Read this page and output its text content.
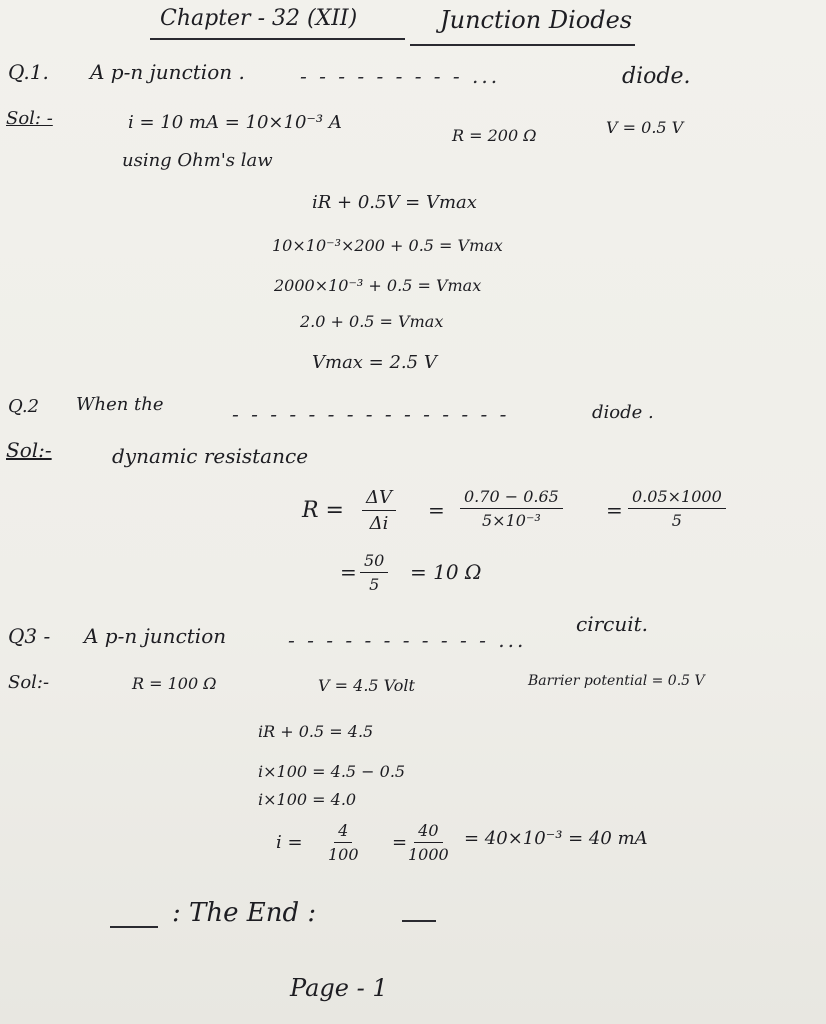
Chapter - 32 (XII)	Junction Diodes
Q.1. A p-n junction .	- - - - - - - - - ...	diode.
Sol: -	i = 10 mA = 10×10⁻³ A
R = 200 Ω	V = 0.5 V
using Ohm's law
iR + 0.5V = Vmax
10×10⁻³×200 + 0.5 = Vmax
2000×10⁻³ + 0.5 = Vmax
2.0 + 0.5 = Vmax
Vmax = 2.5 V
Q.2 When the	- - - - - - - - - - - - - - -	diode .
Sol:-	dynamic resistance
$R = \frac{\Delta V}{\Delta i} = \frac{0.70 - 0.65}{\text{5×10⁻³}} = \frac{0.05\times 1000}{5}$
= $\frac{50}{5} = 10$ Ω
Q3 - A p-n junction	- - - - - - - - - - - ...
circuit.
Sol:-	R = 100 Ω	V = 4.5 Volt	Barrier potential = 0.5 V
iR + 0.5 = 4.5
i×100 = 4.5 − 0.5
i×100 = 4.0
$i = \frac{4}{100} = \frac{40}{1000} = 40\times 10^{-3} = 40$ mA
: The End :
Page - 1
